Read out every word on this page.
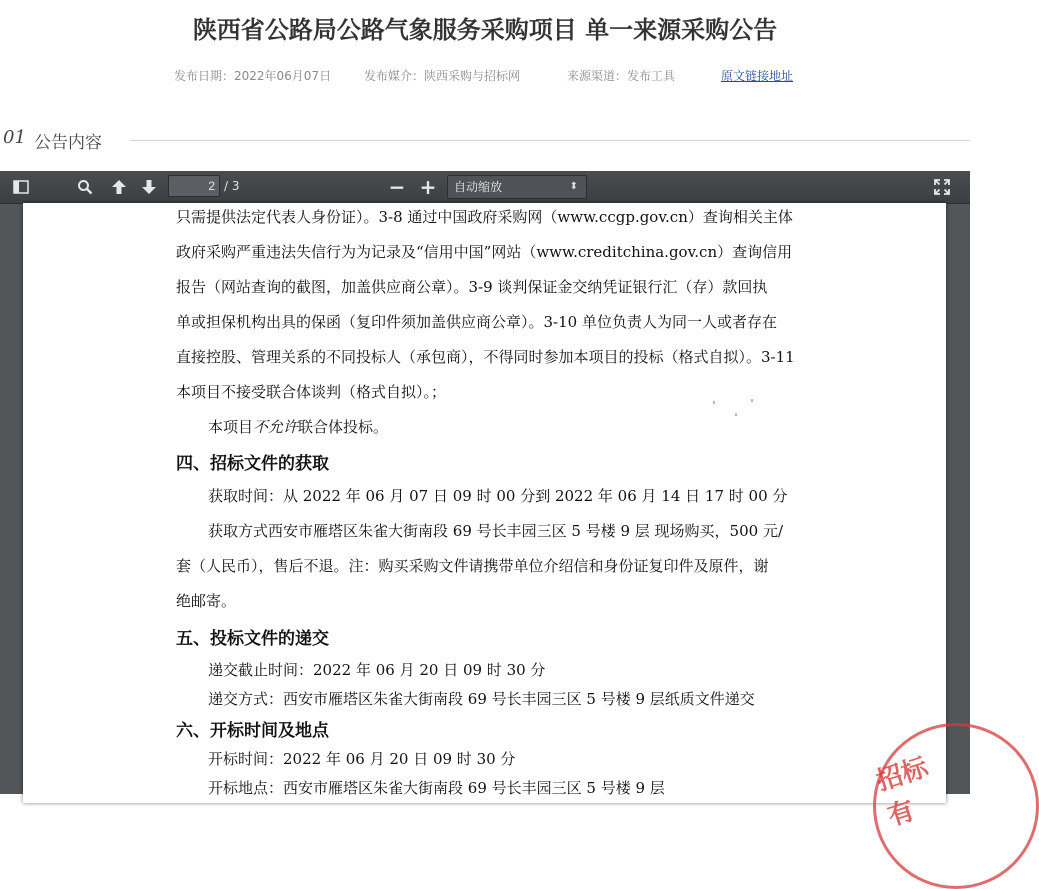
陕西省公路局公路气象服务采购项目 单一来源采购公告
发布日期：2022年06月07日	发布媒介：陕西采购与招标网	来源渠道：发布工具	原文链接地址
01 公告内容
2
/ 3	− +	自动缩放	⬍
只需提供法定代表人身份证）。3-8 通过中国政府采购网（www.ccgp.gov.cn）查询相关主体
政府采购严重违法失信行为为记录及“信用中国”网站（www.creditchina.gov.cn）查询信用
报告（网站查询的截图，加盖供应商公章）。3-9 谈判保证金交纳凭证银行汇（存）款回执
单或担保机构出具的保函（复印件须加盖供应商公章）。3-10 单位负责人为同一人或者存在
直接控股、管理关系的不同投标人（承包商），不得同时参加本项目的投标（格式自拟）。3-11
本项目不接受联合体谈判（格式自拟）。；
本项目不允许联合体投标。
四、招标文件的获取
获取时间：从 2022 年 06 月 07 日 09 时 00 分到 2022 年 06 月 14 日 17 时 00 分
获取方式西安市雁塔区朱雀大街南段 69 号长丰园三区 5 号楼 9 层 现场购买，500 元/
套（人民币），售后不退。注：购买采购文件请携带单位介绍信和身份证复印件及原件，谢
绝邮寄。
五、投标文件的递交
递交截止时间：2022 年 06 月 20 日 09 时 30 分
递交方式：西安市雁塔区朱雀大街南段 69 号长丰园三区 5 号楼 9 层纸质文件递交
六、开标时间及地点
开标时间：2022 年 06 月 20 日 09 时 30 分
开标地点：西安市雁塔区朱雀大街南段 69 号长丰园三区 5 号楼 9 层	招标有
